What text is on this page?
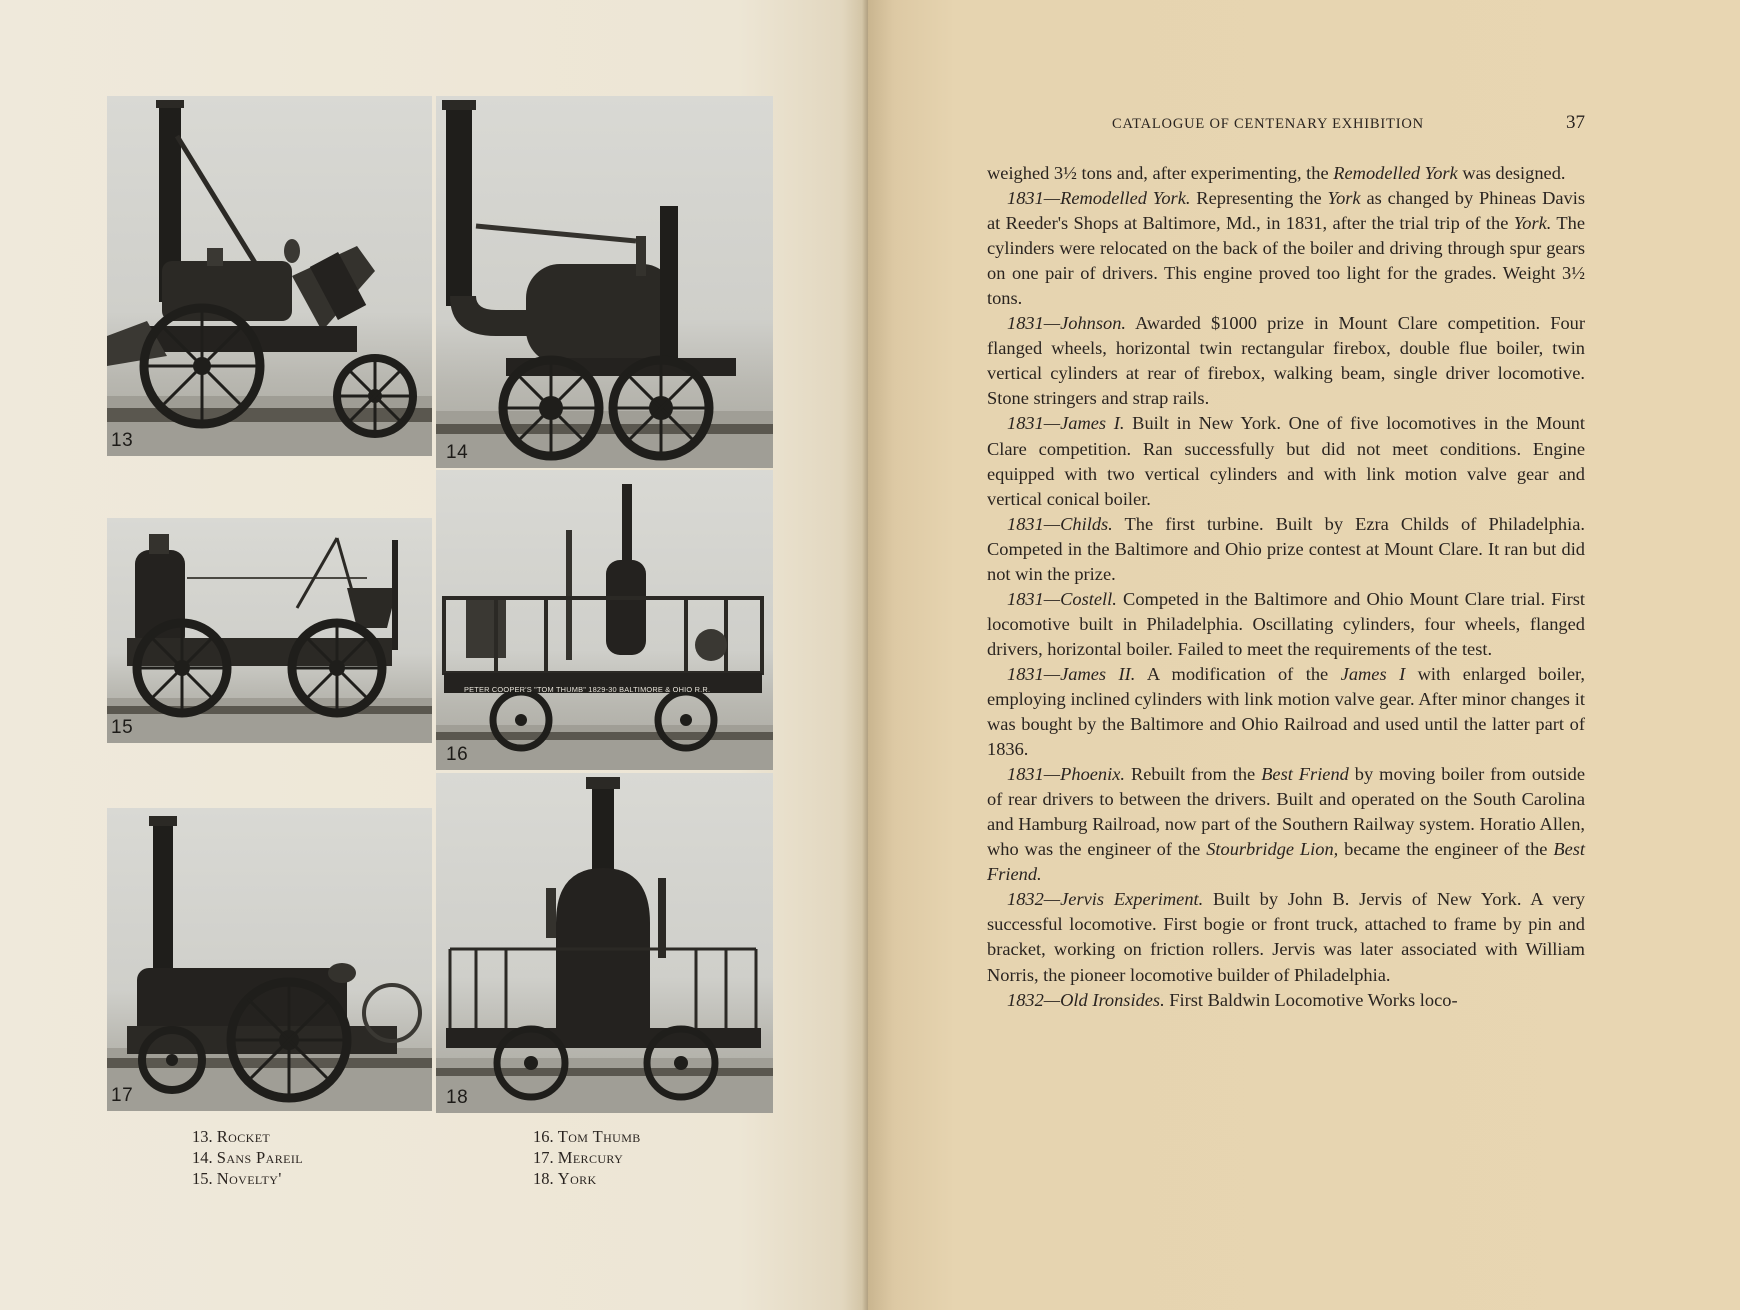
13
14
15
PETER COOPER'S "TOM THUMB" 1829-30 BALTIMORE & OHIO R.R.
16
17	18
13. Rocket
14. Sans Pareil
15. Novelty'
16. Tom Thumb
17. Mercury
18. York
CATALOGUE OF CENTENARY EXHIBITION	37

weighed 3½ tons and, after experimenting, the Remodelled York was designed.

1831—Remodelled York. Representing the York as changed by Phineas Davis at Reeder's Shops at Baltimore, Md., in 1831, after the trial trip of the York. The cylinders were relocated on the back of the boiler and driving through spur gears on one pair of drivers. This engine proved too light for the grades. Weight 3½ tons.

1831—Johnson. Awarded $1000 prize in Mount Clare competition. Four flanged wheels, horizontal twin rectangular firebox, double flue boiler, twin vertical cylinders at rear of firebox, walking beam, single driver locomotive. Stone stringers and strap rails.

1831—James I. Built in New York. One of five locomotives in the Mount Clare competition. Ran successfully but did not meet conditions. Engine equipped with two vertical cylinders and with link motion valve gear and vertical conical boiler.

1831—Childs. The first turbine. Built by Ezra Childs of Philadelphia. Competed in the Baltimore and Ohio prize contest at Mount Clare. It ran but did not win the prize.

1831—Costell. Competed in the Baltimore and Ohio Mount Clare trial. First locomotive built in Philadelphia. Oscillating cylinders, four wheels, flanged drivers, horizontal boiler. Failed to meet the requirements of the test.

1831—James II. A modification of the James I with enlarged boiler, employing inclined cylinders with link motion valve gear. After minor changes it was bought by the Baltimore and Ohio Railroad and used until the latter part of 1836.

1831—Phoenix. Rebuilt from the Best Friend by moving boiler from outside of rear drivers to between the drivers. Built and operated on the South Carolina and Hamburg Railroad, now part of the Southern Railway system. Horatio Allen, who was the engineer of the Stourbridge Lion, became the engineer of the Best Friend.

1832—Jervis Experiment. Built by John B. Jervis of New York. A very successful locomotive. First bogie or front truck, attached to frame by pin and bracket, working on friction rollers. Jervis was later associated with William Norris, the pioneer locomotive builder of Philadelphia.

1832—Old Ironsides. First Baldwin Locomotive Works loco-
